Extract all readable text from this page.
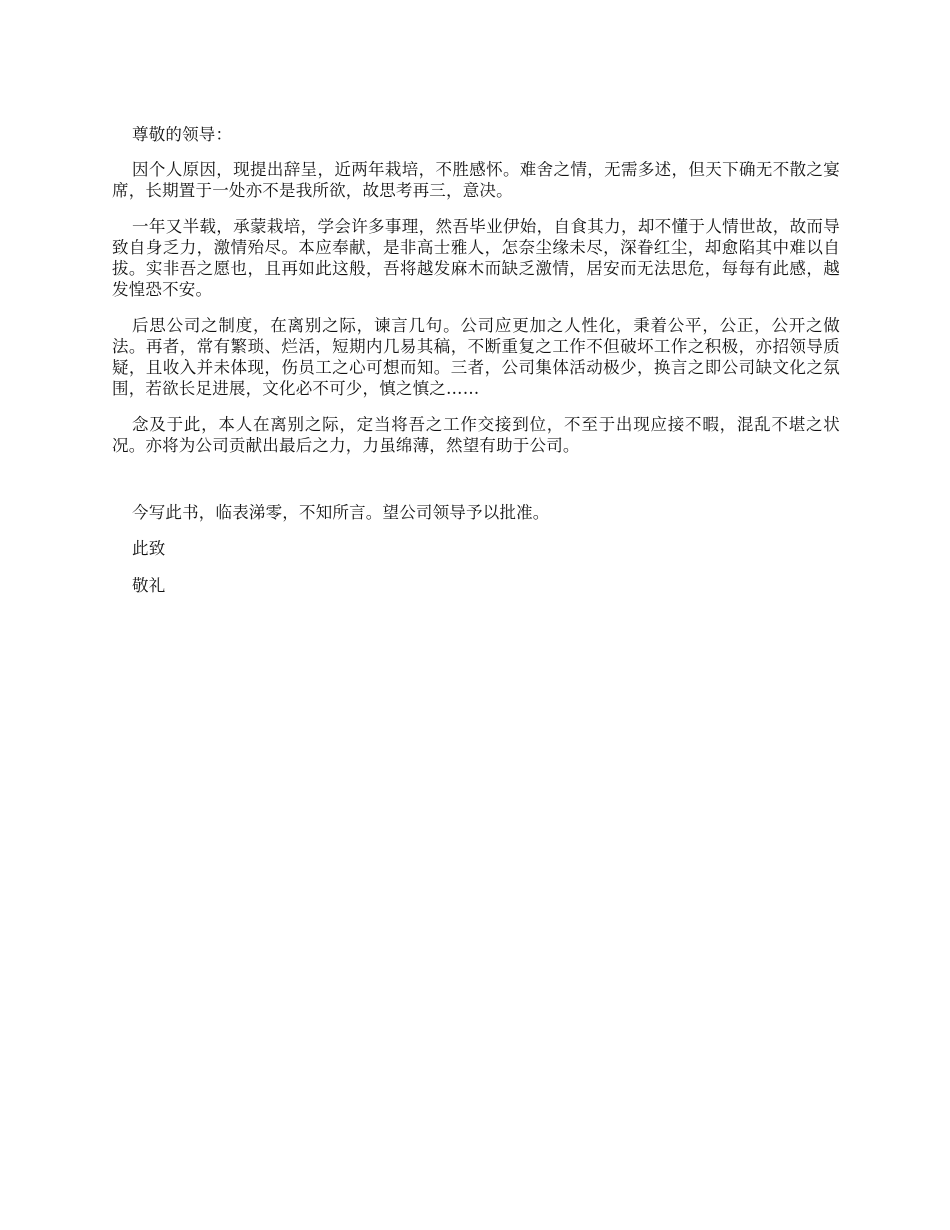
尊敬的领导：

因个人原因，现提出辞呈，近两年栽培，不胜感怀。难舍之情，无需多述，但天下确无不散之宴席，长期置于一处亦不是我所欲，故思考再三，意决。

一年又半载，承蒙栽培，学会许多事理，然吾毕业伊始，自食其力，却不懂于人情世故，故而导致自身乏力，激情殆尽。本应奉献，是非高士雅人，怎奈尘缘未尽，深眷红尘，却愈陷其中难以自拔。实非吾之愿也，且再如此这般，吾将越发麻木而缺乏激情，居安而无法思危，每每有此感，越发惶恐不安。

后思公司之制度，在离别之际，谏言几句。公司应更加之人性化，秉着公平，公正，公开之做法。再者，常有繁琐、烂活，短期内几易其稿，不断重复之工作不但破坏工作之积极，亦招领导质疑，且收入并未体现，伤员工之心可想而知。三者，公司集体活动极少，换言之即公司缺文化之氛围，若欲长足进展，文化必不可少，慎之慎之……

念及于此，本人在离别之际，定当将吾之工作交接到位，不至于出现应接不暇，混乱不堪之状况。亦将为公司贡献出最后之力，力虽绵薄，然望有助于公司。

今写此书，临表涕零，不知所言。望公司领导予以批准。

此致

敬礼
